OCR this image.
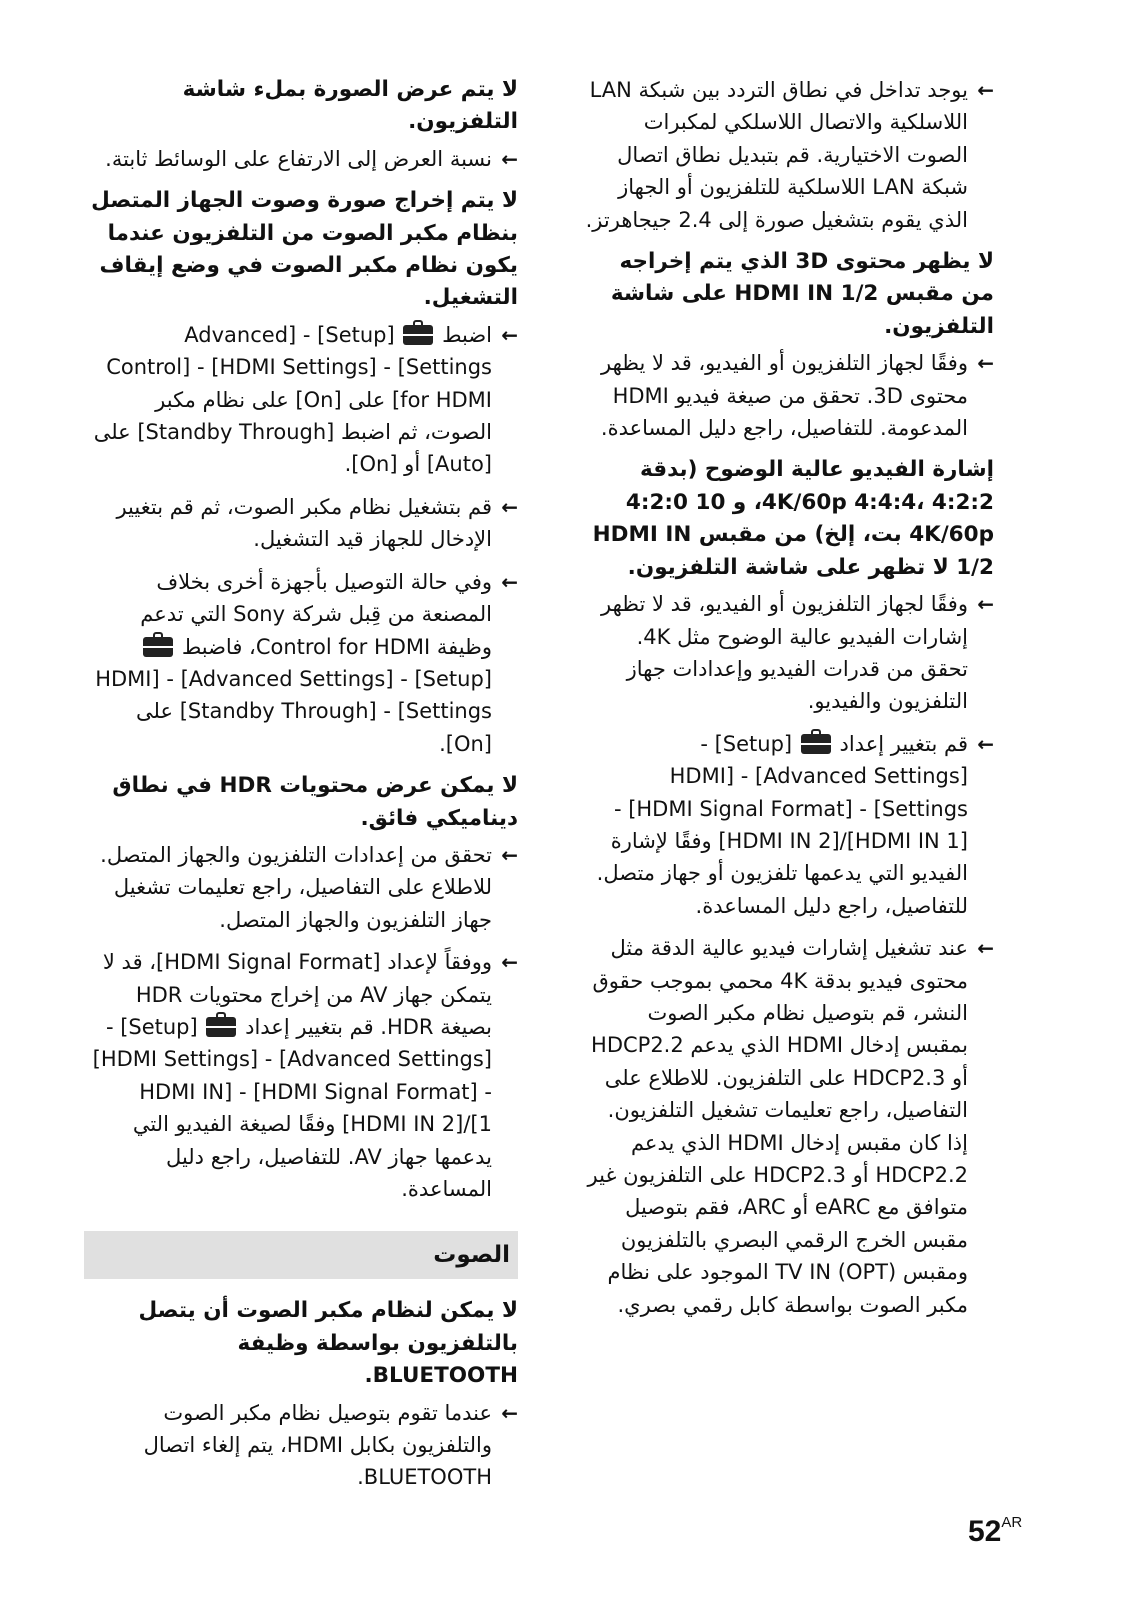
←

يوجد تداخل في نطاق التردد بين شبكة LAN اللاسلكية والاتصال اللاسلكي لمكبرات الصوت الاختيارية. قم بتبديل نطاق اتصال شبكة LAN اللاسلكية للتلفزيون أو الجهاز الذي يقوم بتشغيل صورة إلى 2.4 جيجاهرتز.

لا يظهر محتوى 3D الذي يتم إخراجه من مقبس HDMI IN 1/2 على شاشة التلفزيون.
←

وفقًا لجهاز التلفزيون أو الفيديو، قد لا يظهر محتوى 3D. تحقق من صيغة فيديو HDMI المدعومة. للتفاصيل، راجع دليل المساعدة.

إشارة الفيديو عالية الوضوح (بدقة 4K/60p 4:4:4، 4:2:2، و 10 4:2:0 4K/60p بت، إلخ) من مقبس HDMI IN 1/2 لا تظهر على شاشة التلفزيون.
←

وفقًا لجهاز التلفزيون أو الفيديو، قد لا تظهر إشارات الفيديو عالية الوضوح مثل 4K. تحقق من قدرات الفيديو وإعدادات جهاز التلفزيون والفيديو.

←

قم بتغيير إعداد  [Setup] - [Advanced Settings] - [HDMI Settings] - [HDMI Signal Format] - [HDMI IN 1]/[HDMI IN 2] وفقًا لإشارة الفيديو التي يدعمها تلفزيون أو جهاز متصل. للتفاصيل، راجع دليل المساعدة.

←

عند تشغيل إشارات فيديو عالية الدقة مثل محتوى فيديو بدقة 4K محمي بموجب حقوق النشر، قم بتوصيل نظام مكبر الصوت بمقبس إدخال HDMI الذي يدعم HDCP2.2 أو HDCP2.3 على التلفزيون. للاطلاع على التفاصيل، راجع تعليمات تشغيل التلفزيون. إذا كان مقبس إدخال HDMI الذي يدعم HDCP2.2 أو HDCP2.3 على التلفزيون غير متوافق مع eARC أو ARC، فقم بتوصيل مقبس الخرج الرقمي البصري بالتلفزيون ومقبس TV IN (OPT) الموجود على نظام مكبر الصوت بواسطة كابل رقمي بصري.

لا يتم عرض الصورة بملء شاشة التلفزيون.
←

نسبة العرض إلى الارتفاع على الوسائط ثابتة.

لا يتم إخراج صورة وصوت الجهاز المتصل بنظام مكبر الصوت من التلفزيون عندما يكون نظام مكبر الصوت في وضع إيقاف التشغيل.
←

اضبط  [Setup] - [Advanced Settings] - [HDMI Settings] - [Control for HDMI] على [On] على نظام مكبر الصوت، ثم اضبط [Standby Through] على [Auto] أو [On].

←

قم بتشغيل نظام مكبر الصوت، ثم قم بتغيير الإدخال للجهاز قيد التشغيل.

←

وفي حالة التوصيل بأجهزة أخرى بخلاف المصنعة من قِبل شركة Sony التي تدعم وظيفة Control for HDMI، فاضبط  [Setup] - [Advanced Settings] - [HDMI Settings] - [Standby Through] على [On].

لا يمكن عرض محتويات HDR في نطاق ديناميكي فائق.
←

تحقق من إعدادات التلفزيون والجهاز المتصل. للاطلاع على التفاصيل، راجع تعليمات تشغيل جهاز التلفزيون والجهاز المتصل.

←

ووفقاً لإعداد [HDMI Signal Format]، قد لا يتمكن جهاز AV من إخراج محتويات HDR بصيغة HDR. قم بتغيير إعداد  [Setup] - [Advanced Settings] - [HDMI Settings] - [HDMI Signal Format] - [HDMI IN 1]/[HDMI IN 2] وفقًا لصيغة الفيديو التي يدعمها جهاز AV. للتفاصيل، راجع دليل المساعدة.

الصوت
لا يمكن لنظام مكبر الصوت أن يتصل بالتلفزيون بواسطة وظيفة BLUETOOTH.
←

عندما تقوم بتوصيل نظام مكبر الصوت والتلفزيون بكابل HDMI، يتم إلغاء اتصال BLUETOOTH.

$52^{AR}$
